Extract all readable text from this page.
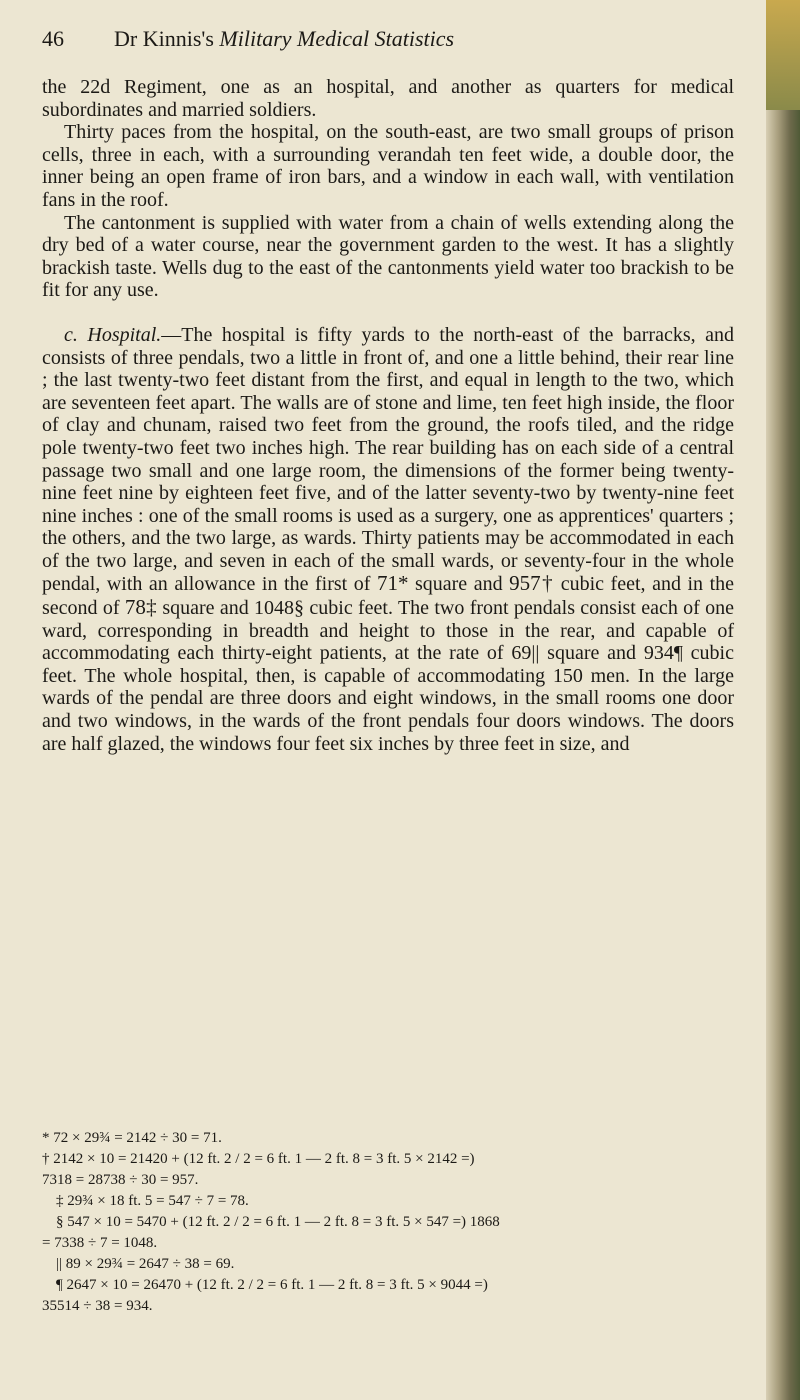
46 Dr Kinnis's Military Medical Statistics

the 22d Regiment, one as an hospital, and another as quarters for medical subordinates and married soldiers.

Thirty paces from the hospital, on the south-east, are two small groups of prison cells, three in each, with a surrounding verandah ten feet wide, a double door, the inner being an open frame of iron bars, and a window in each wall, with ventilation fans in the roof.

The cantonment is supplied with water from a chain of wells extending along the dry bed of a water course, near the government garden to the west. It has a slightly brackish taste. Wells dug to the east of the cantonments yield water too brackish to be fit for any use.

c. Hospital.—The hospital is fifty yards to the north-east of the barracks, and consists of three pendals, two a little in front of, and one a little behind, their rear line ; the last twenty-two feet distant from the first, and equal in length to the two, which are seventeen feet apart. The walls are of stone and lime, ten feet high inside, the floor of clay and chunam, raised two feet from the ground, the roofs tiled, and the ridge pole twenty-two feet two inches high. The rear building has on each side of a central passage two small and one large room, the dimensions of the former being twenty-nine feet nine by eighteen feet five, and of the latter seventy-two by twenty-nine feet nine inches : one of the small rooms is used as a surgery, one as apprentices' quarters ; the others, and the two large, as wards. Thirty patients may be accommodated in each of the two large, and seven in each of the small wards, or seventy-four in the whole pendal, with an allowance in the first of 71* square and 957† cubic feet, and in the second of 78‡ square and 1048§ cubic feet. The two front pendals consist each of one ward, corresponding in breadth and height to those in the rear, and capable of accommodating each thirty-eight patients, at the rate of 69|| square and 934¶ cubic feet. The whole hospital, then, is capable of accommodating 150 men. In the large wards of the pendal are three doors and eight windows, in the small rooms one door and two windows, in the wards of the front pendals four doors windows. The doors are half glazed, the windows four feet six inches by three feet in size, and

* 72 × 29¾ = 2142 ÷ 30 = 71.
† 2142 × 10 = 21420 + (12 ft. 2 / 2 = 6 ft. 1 — 2 ft. 8 = 3 ft. 5 × 2142 =)
7318 = 28738 ÷ 30 = 957.
‡ 29¾ × 18 ft. 5 = 547 ÷ 7 = 78.
§ 547 × 10 = 5470 + (12 ft. 2 / 2 = 6 ft. 1 — 2 ft. 8 = 3 ft. 5 × 547 =) 1868
= 7338 ÷ 7 = 1048.
|| 89 × 29¾ = 2647 ÷ 38 = 69.
¶ 2647 × 10 = 26470 + (12 ft. 2 / 2 = 6 ft. 1 — 2 ft. 8 = 3 ft. 5 × 9044 =)
35514 ÷ 38 = 934.
